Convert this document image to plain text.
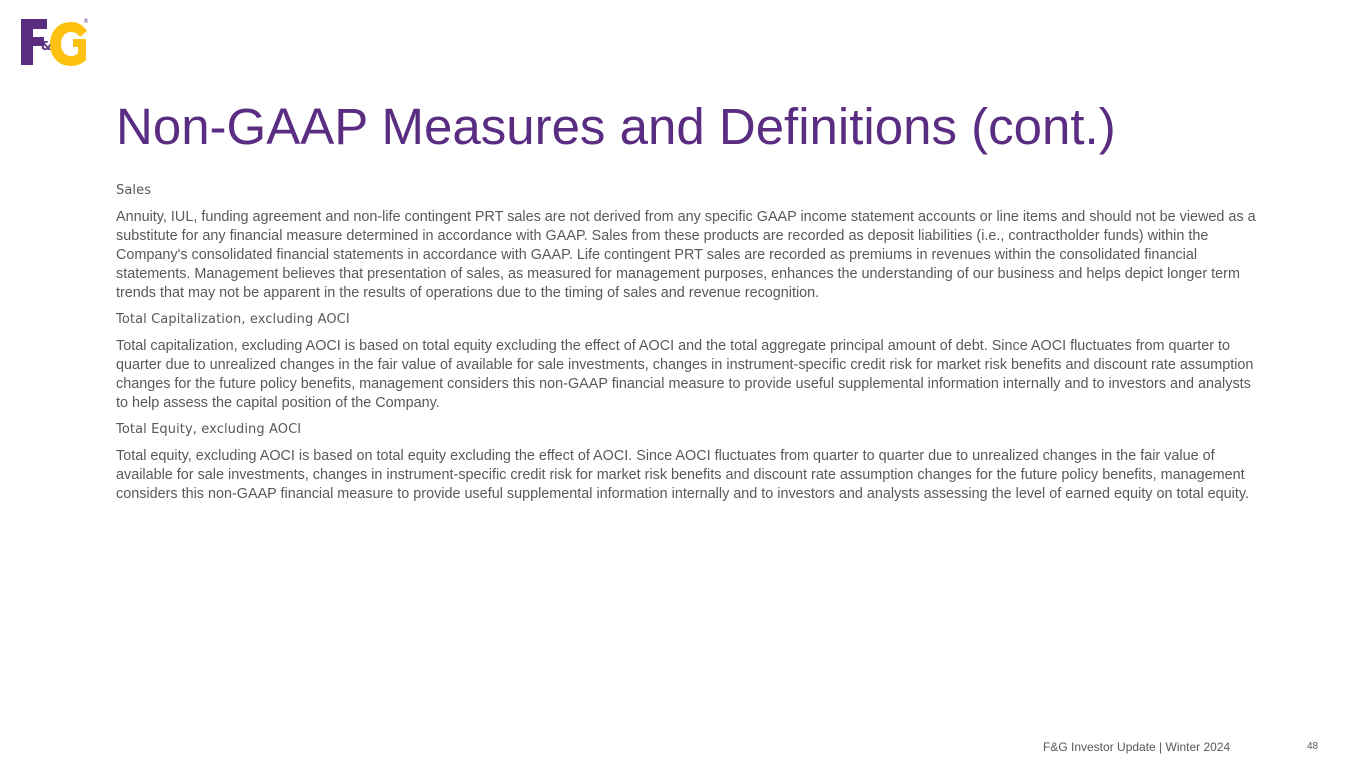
&
®
Non-GAAP Measures and Definitions (cont.)

Sales

Annuity, IUL, funding agreement and non-life contingent PRT sales are not derived from any specific GAAP income statement accounts or line items and should not be viewed as a substitute for any financial measure determined in accordance with GAAP. Sales from these products are recorded as deposit liabilities (i.e., contractholder funds) within the Company's consolidated financial statements in accordance with GAAP. Life contingent PRT sales are recorded as premiums in revenues within the consolidated financial statements. Management believes that presentation of sales, as measured for management purposes, enhances the understanding of our business and helps depict longer term trends that may not be apparent in the results of operations due to the timing of sales and revenue recognition.

Total Capitalization, excluding AOCI

Total capitalization, excluding AOCI is based on total equity excluding the effect of AOCI and the total aggregate principal amount of debt. Since AOCI fluctuates from quarter to quarter due to unrealized changes in the fair value of available for sale investments, changes in instrument-specific credit risk for market risk benefits and discount rate assumption changes for the future policy benefits, management considers this non-GAAP financial measure to provide useful supplemental information internally and to investors and analysts to help assess the capital position of the Company.

Total Equity, excluding AOCI

Total equity, excluding AOCI is based on total equity excluding the effect of AOCI. Since AOCI fluctuates from quarter to quarter due to unrealized changes in the fair value of available for sale investments, changes in instrument-specific credit risk for market risk benefits and discount rate assumption changes for the future policy benefits, management considers this non-GAAP financial measure to provide useful supplemental information internally and to investors and analysts assessing the level of earned equity on total equity.

F&G Investor Update | Winter 2024	48
